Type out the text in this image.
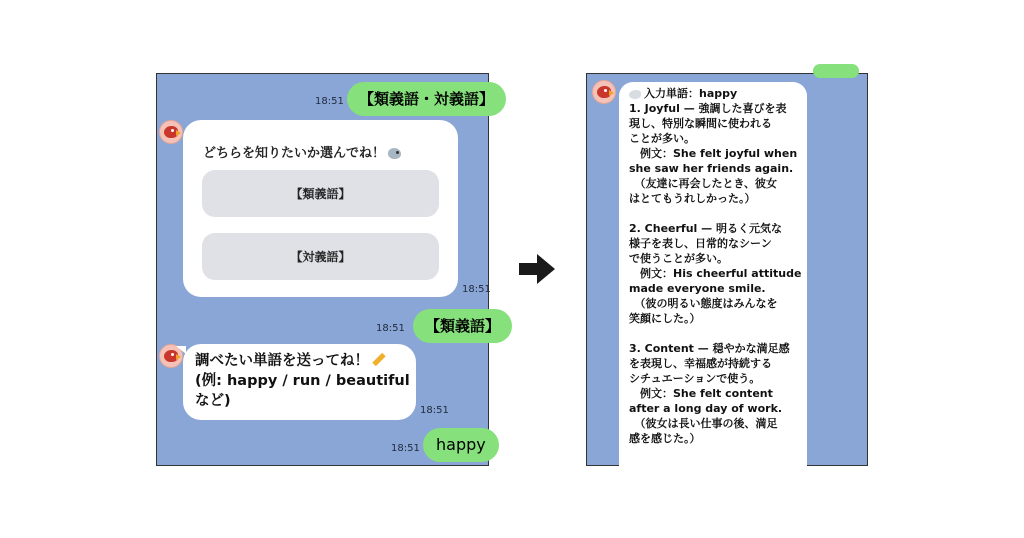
【類義語・対義語】
18:51
どちらを知りたいか選んでね！
【類義語】
【対義語】
18:51
【類義語】
18:51
調べたい単語を送ってね！
(例: happy / run / beautiful
など)
18:51
happy
18:51
入力単語：happy
1. Joyful — 強調した喜びを表
現し、特別な瞬間に使われる
ことが多い。
　例文：She felt joyful when
she saw her friends again.
　（友達に再会したとき、彼女
はとてもうれしかった。）
2. Cheerful — 明るく元気な
様子を表し、日常的なシーン
で使うことが多い。
　例文：His cheerful attitude
made everyone smile.
　（彼の明るい態度はみんなを
笑顔にした。）
3. Content — 穏やかな満足感
を表現し、幸福感が持続する
シチュエーションで使う。
　例文：She felt content
after a long day of work.
　（彼女は長い仕事の後、満足
感を感じた。）
